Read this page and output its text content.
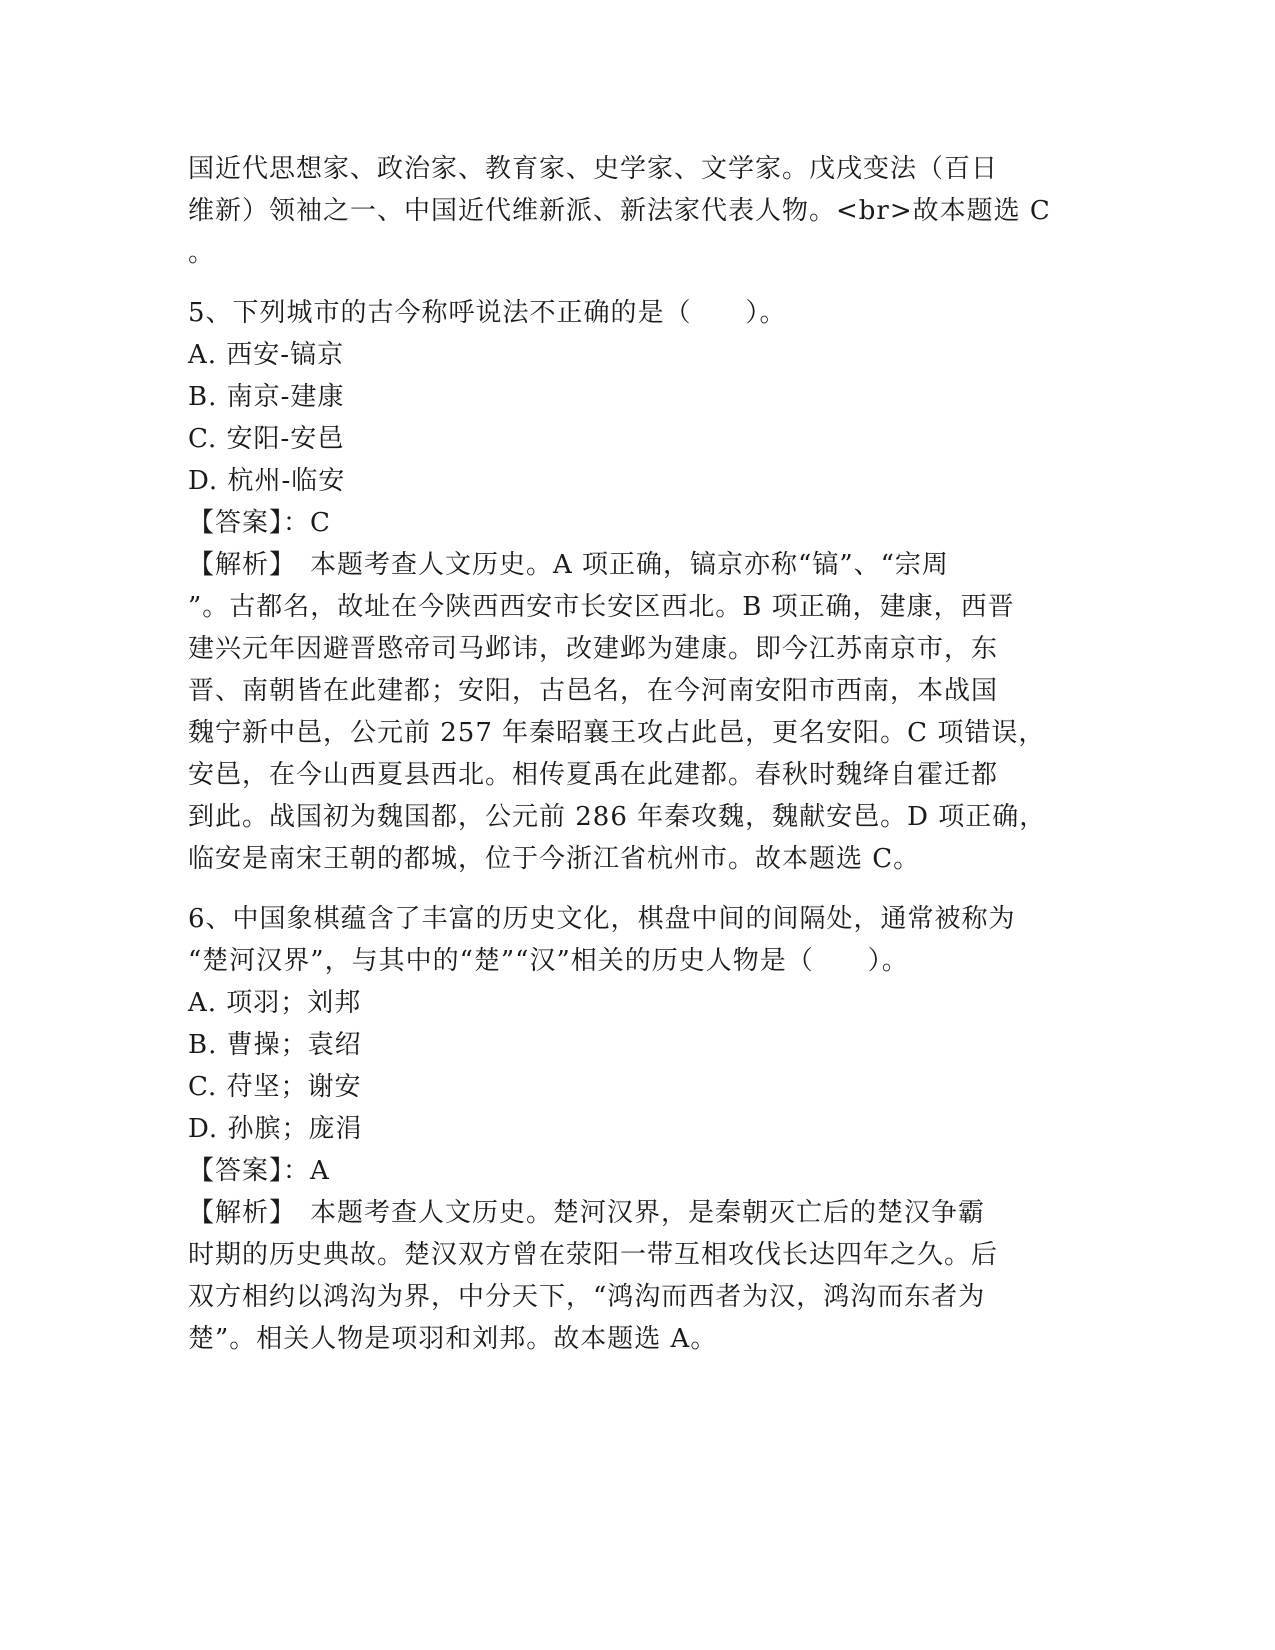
国近代思想家、政治家、教育家、史学家、文学家。戊戌变法（百日
维新）领袖之一、中国近代维新派、新法家代表人物。<br>故本题选 C
。
5、下列城市的古今称呼说法不正确的是（　　）。
A. 西安-镐京
B. 南京-建康
C. 安阳-安邑
D. 杭州-临安
【答案】：C
【解析】　本题考查人文历史。A 项正确，镐京亦称“镐”、“宗周
”。古都名，故址在今陕西西安市长安区西北。B 项正确，建康，西晋
建兴元年因避晋愍帝司马邺讳，改建邺为建康。即今江苏南京市，东
晋、南朝皆在此建都；安阳，古邑名，在今河南安阳市西南，本战国
魏宁新中邑，公元前 257 年秦昭襄王攻占此邑，更名安阳。C 项错误，
安邑，在今山西夏县西北。相传夏禹在此建都。春秋时魏绛自霍迁都
到此。战国初为魏国都，公元前 286 年秦攻魏，魏献安邑。D 项正确，
临安是南宋王朝的都城，位于今浙江省杭州市。故本题选 C。
6、中国象棋蕴含了丰富的历史文化，棋盘中间的间隔处，通常被称为
“楚河汉界”，与其中的“楚”“汉”相关的历史人物是（　　）。
A. 项羽；刘邦
B. 曹操；袁绍
C. 苻坚；谢安
D. 孙膑；庞涓
【答案】：A
【解析】　本题考查人文历史。楚河汉界，是秦朝灭亡后的楚汉争霸
时期的历史典故。楚汉双方曾在荥阳一带互相攻伐长达四年之久。后
双方相约以鸿沟为界，中分天下，“鸿沟而西者为汉，鸿沟而东者为
楚”。相关人物是项羽和刘邦。故本题选 A。
